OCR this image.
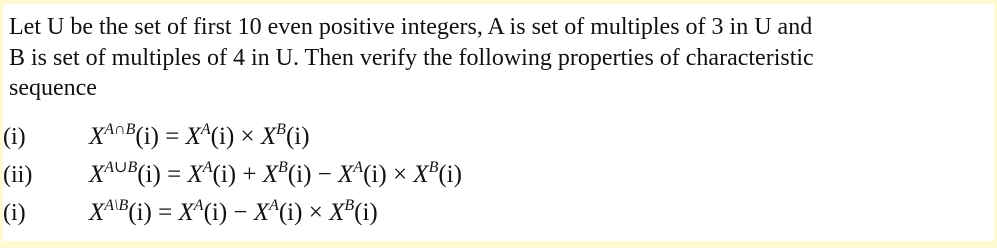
Let U be the set of first 10 even positive integers, A is set of multiples of 3 in U and
B is set of multiples of 4 in U. Then verify the following properties of characteristic
sequence

(i)	$X^{A\cap B}(i) = X^A(i) \times X^B(i)$
(ii) $X^{A\cup B}(i) = X^A(i) + X^B(i) - X^A(i) \times X^B(i)$
(i)	$X^{A\backslash B}(i) = X^A(i) - X^A(i) \times X^B(i)$
